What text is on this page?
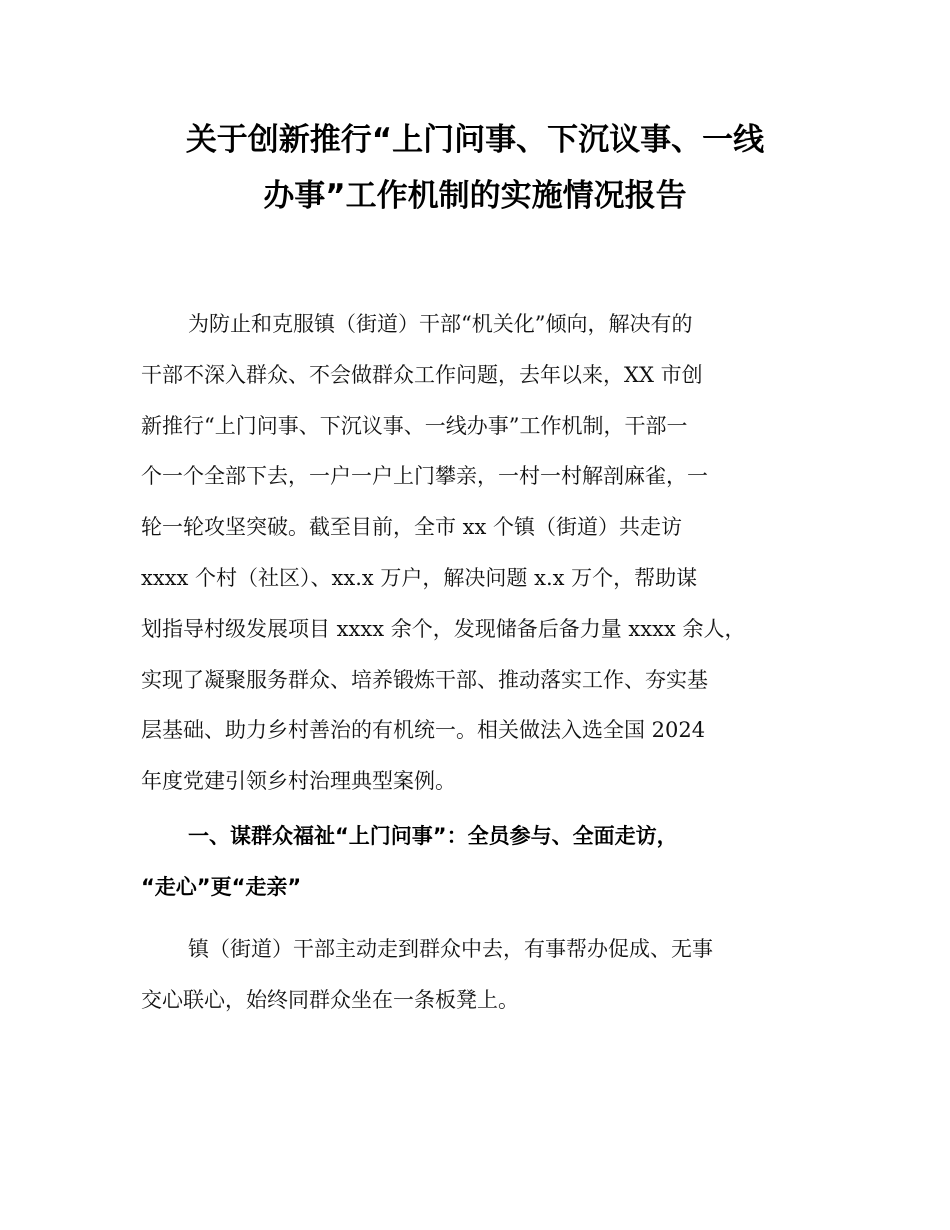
关于创新推行“上门问事、下沉议事、一线
办事”工作机制的实施情况报告
为防止和克服镇（街道）干部“机关化”倾向，解决有的
干部不深入群众、不会做群众工作问题，去年以来，XX 市创
新推行“上门问事、下沉议事、一线办事”工作机制，干部一
个一个全部下去，一户一户上门攀亲，一村一村解剖麻雀，一
轮一轮攻坚突破。截至目前，全市 xx 个镇（街道）共走访
xxxx 个村（社区）、xx.x 万户，解决问题 x.x 万个，帮助谋
划指导村级发展项目 xxxx 余个，发现储备后备力量 xxxx 余人，
实现了凝聚服务群众、培养锻炼干部、推动落实工作、夯实基
层基础、助力乡村善治的有机统一。相关做法入选全国 2024
年度党建引领乡村治理典型案例。
一、谋群众福祉“上门问事”：全员参与、全面走访，
“走心”更“走亲”
镇（街道）干部主动走到群众中去，有事帮办促成、无事
交心联心，始终同群众坐在一条板凳上。
